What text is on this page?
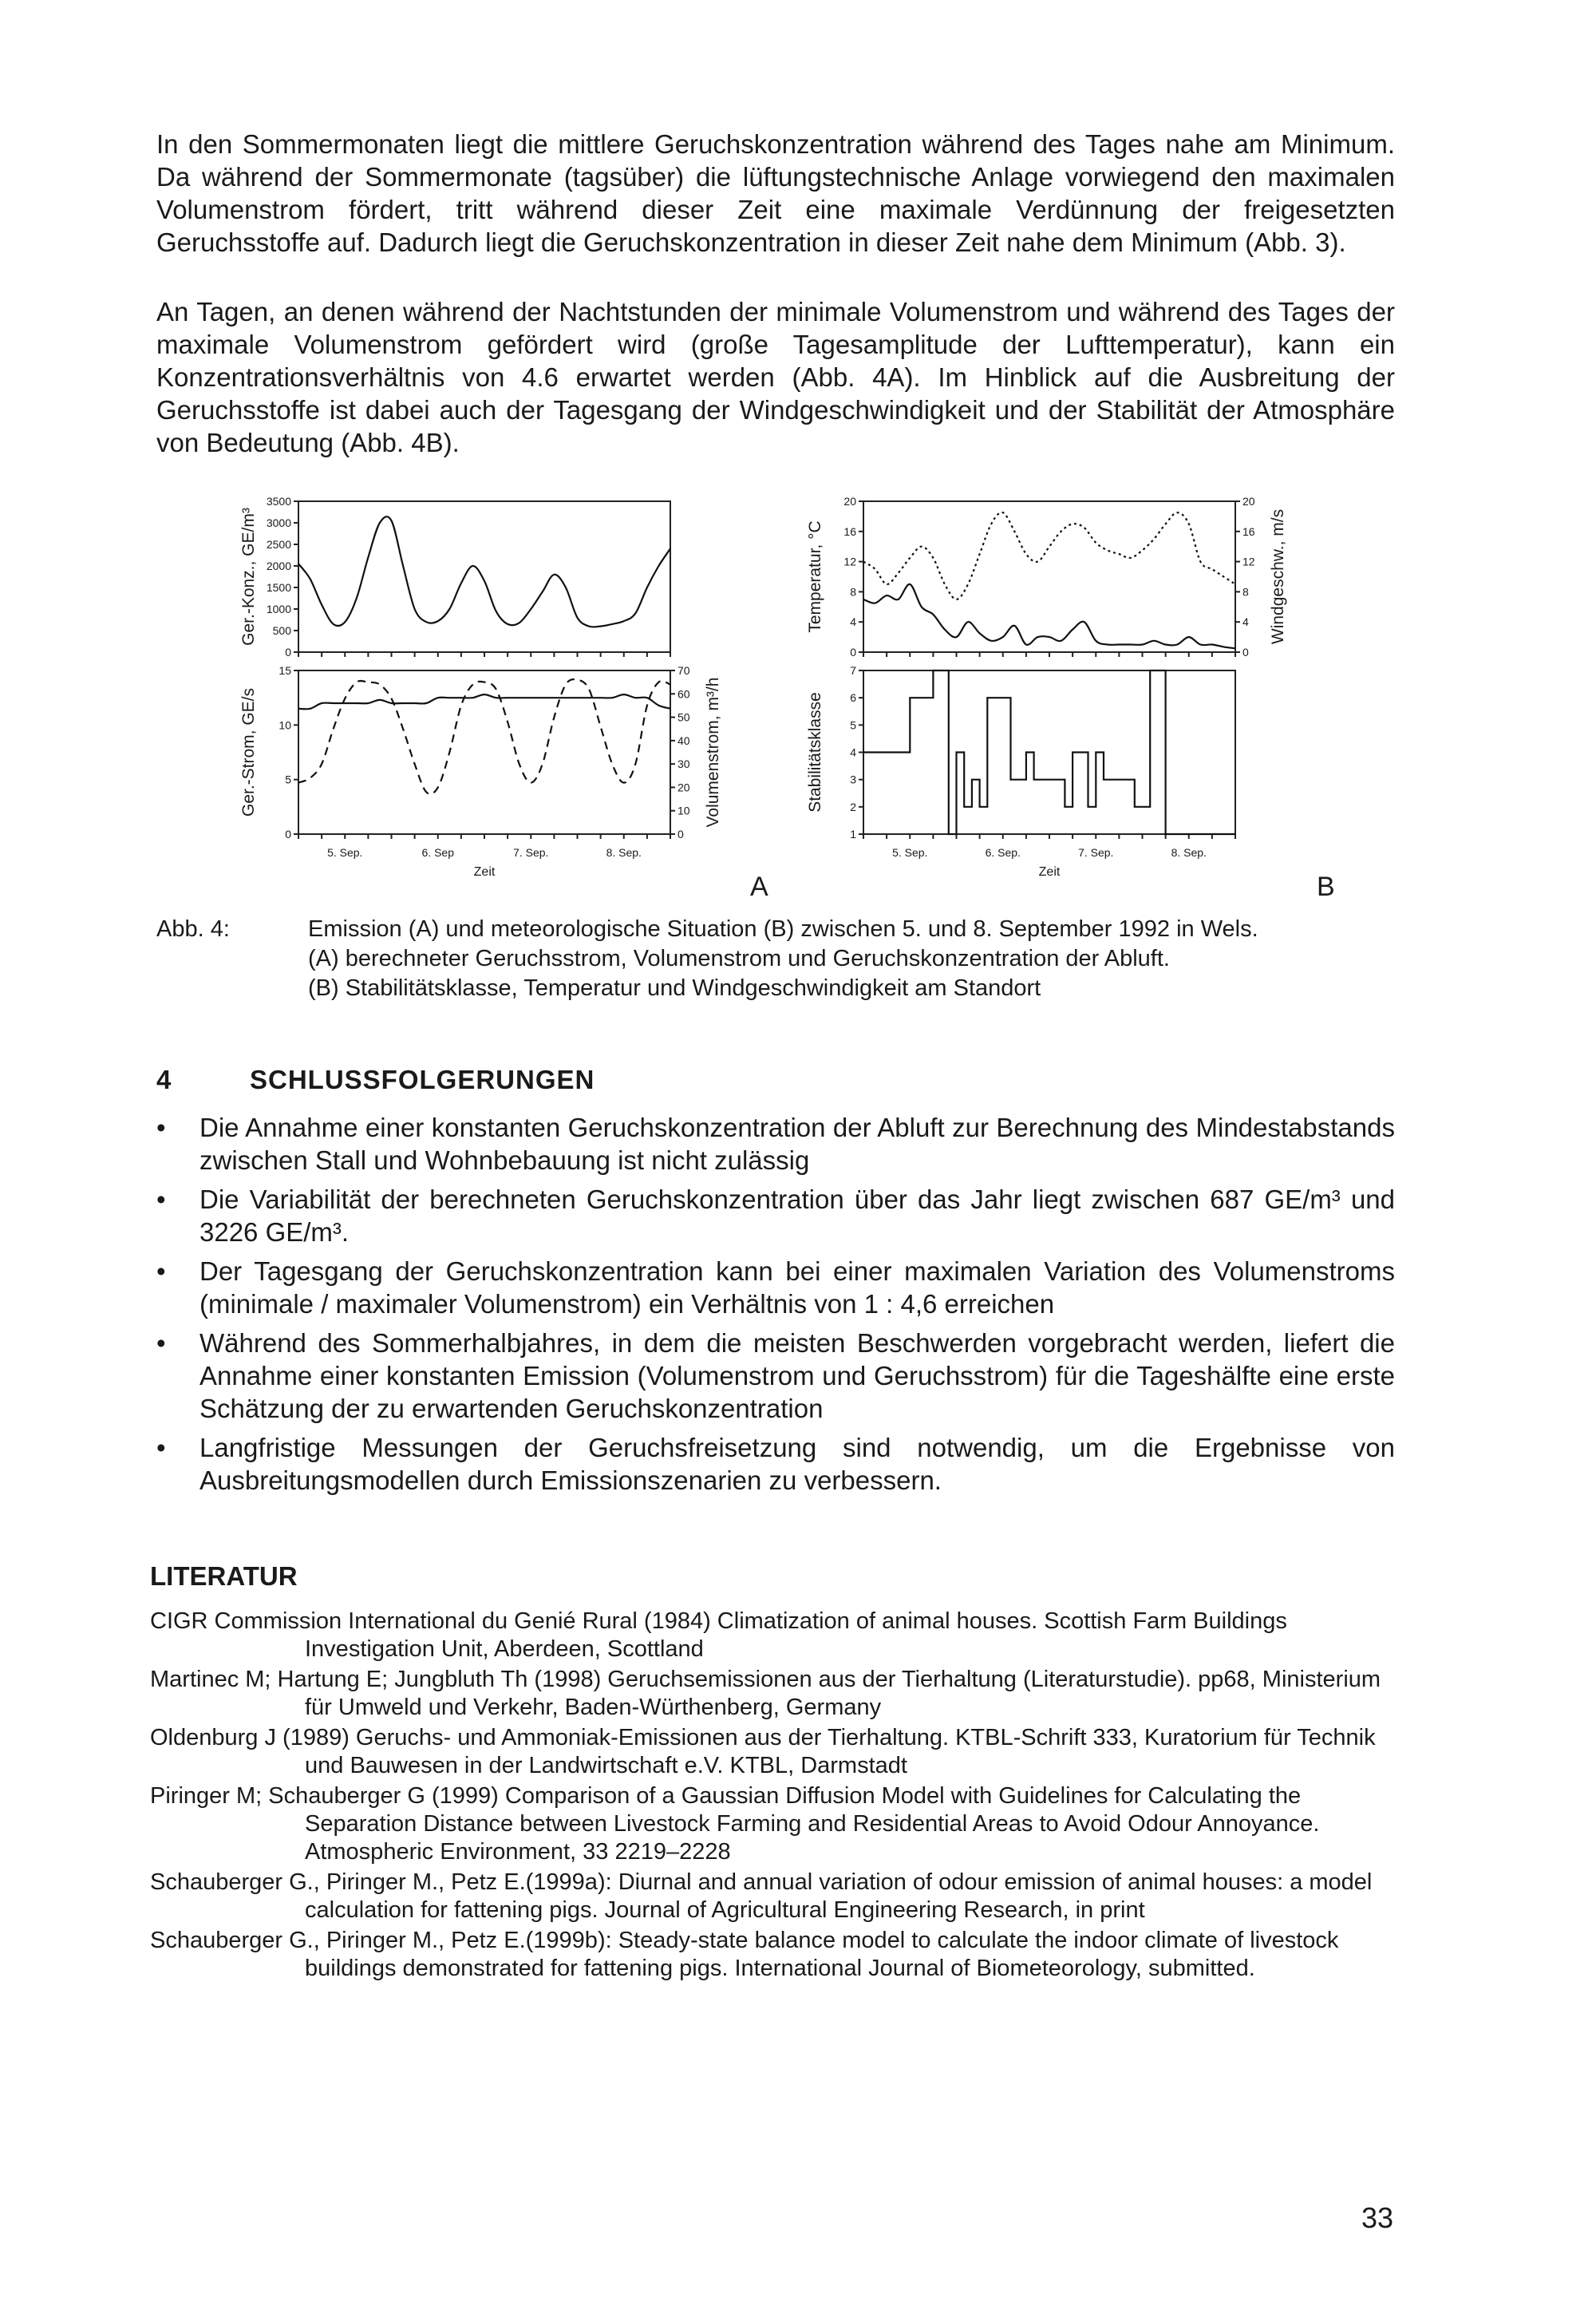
In den Sommermonaten liegt die mittlere Geruchskonzentration während des Tages nahe am Minimum. Da während der Sommermonate (tagsüber) die lüftungstechnische Anlage vorwiegend den maximalen Volumenstrom fördert, tritt während dieser Zeit eine maximale Verdünnung der freigesetzten Geruchsstoffe auf. Dadurch liegt die Geruchskonzentration in dieser Zeit nahe dem Minimum (Abb. 3).

An Tagen, an denen während der Nachtstunden der minimale Volumenstrom und während des Tages der maximale Volumenstrom gefördert wird (große Tagesamplitude der Lufttemperatur), kann ein Konzentrationsverhältnis von 4.6 erwartet werden (Abb. 4A). Im Hinblick auf die Ausbreitung der Geruchsstoffe ist dabei auch der Tagesgang der Windgeschwindigkeit und der Stabilität der Atmosphäre von Bedeutung (Abb. 4B).

0
500
1000
1500
2000
2500
3000
3500
Ger.-Konz., GE/m³
0
5
10
15
0
10
20
30
40
50
60
70
5. Sep.	6. Sep	7. Sep.	8. Sep.
Ger.-Strom, GE/s	Volumenstrom, m³/h
Zeit
0
4
8
12
16
20
0
4
8
12
16
20
Temperatur, °C	Windgeschw., m/s
1
2
3
4
5
6
7
5. Sep.	6. Sep.	7. Sep.	8. Sep.
Stabilitätsklasse
Zeit
A	B
Abb. 4:	Emission (A) und meteorologische Situation (B) zwischen 5. und 8. September 1992 in Wels.
(A) berechneter Geruchsstrom, Volumenstrom und Geruchskonzentration der Abluft.
(B) Stabilitätsklasse, Temperatur und Windgeschwindigkeit am Standort
4	SCHLUSSFOLGERUNGEN
• Die Annahme einer konstanten Geruchskonzentration der Abluft zur Berechnung des Mindestabstands zwischen Stall und Wohnbebauung ist nicht zulässig
• Die Variabilität der berechneten Geruchskonzentration über das Jahr liegt zwischen 687 GE/m³ und 3226 GE/m³.
• Der Tagesgang der Geruchskonzentration kann bei einer maximalen Variation des Volumenstroms (minimale / maximaler Volumenstrom) ein Verhältnis von 1 : 4,6 erreichen
• Während des Sommerhalbjahres, in dem die meisten Beschwerden vorgebracht werden, liefert die Annahme einer konstanten Emission (Volumenstrom und Geruchsstrom) für die Tageshälfte eine erste Schätzung der zu erwartenden Geruchskonzentration
• Langfristige Messungen der Geruchsfreisetzung sind notwendig, um die Ergebnisse von Ausbreitungsmodellen durch Emissionszenarien zu verbessern.
LITERATUR
CIGR Commission International du Genié Rural (1984) Climatization of animal houses. Scottish Farm Buildings Investigation Unit, Aberdeen, Scottland
Martinec M; Hartung E; Jungbluth Th (1998) Geruchsemissionen aus der Tierhaltung (Literaturstudie). pp68, Ministerium für Umweld und Verkehr, Baden-Würthenberg, Germany
Oldenburg J (1989) Geruchs- und Ammoniak-Emissionen aus der Tierhaltung. KTBL-Schrift 333, Kuratorium für Technik und Bauwesen in der Landwirtschaft e.V. KTBL, Darmstadt
Piringer M; Schauberger G (1999) Comparison of a Gaussian Diffusion Model with Guidelines for Calculating the Separation Distance between Livestock Farming and Residential Areas to Avoid Odour Annoyance. Atmospheric Environment, 33 2219–2228
Schauberger G., Piringer M., Petz E.(1999a): Diurnal and annual variation of odour emission of animal houses: a model calculation for fattening pigs. Journal of Agricultural Engineering Research, in print
Schauberger G., Piringer M., Petz E.(1999b): Steady-state balance model to calculate the indoor climate of livestock buildings demonstrated for fattening pigs. International Journal of Biometeorology, submitted.
33
